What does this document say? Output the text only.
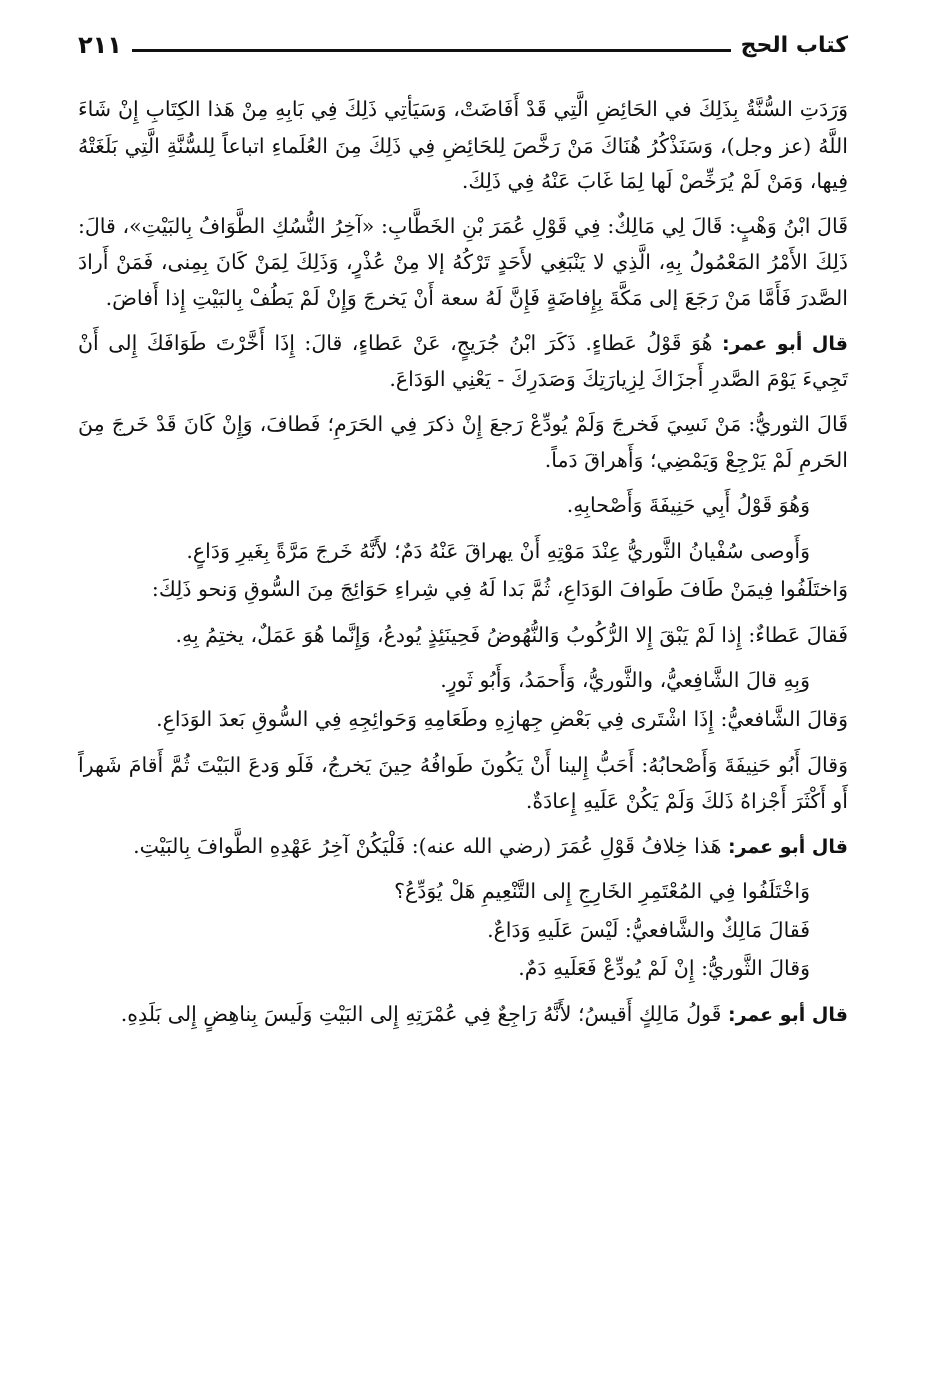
كتاب الحج
٢١١

وَرَدَتِ السُّنَّةُ بِذَلِكَ في الحَائِضِ الَّتِي قَدْ أَفَاضَتْ، وَسَيَأتِي ذَلِكَ فِي بَابِهِ مِنْ هَذا الكِتَابِ إِنْ شَاءَ اللَّهُ (عز وجل)، وَسَنَذْكُرُ هُنَاكَ مَنْ رَخَّصَ لِلحَائِضِ فِي ذَلِكَ مِنَ العُلَماءِ اتباعاً لِلسُّنَّةِ الَّتِي بَلَغَتْهُ فِيها، وَمَنْ لَمْ يُرَخِّصْ لَها لِمَا غَابَ عَنْهُ فِي ذَلِكَ.

قَالَ ابْنُ وَهْبٍ: قَالَ لِي مَالِكٌ: فِي قَوْلِ عُمَرَ بْنِ الخَطَّابِ: «آخِرُ النُّسُكِ الطَّوَافُ بِالبَيْتِ»، قالَ: ذَلِكَ الأَمْرُ المَعْمُولُ بِهِ، الَّذِي لا يَنْبَغِي لأَحَدٍ تَرْكُهُ إلا مِنْ عُذْرٍ، وَذَلِكَ لِمَنْ كَانَ بِمِنى، فَمَنْ أَرادَ الصَّدرَ فَأَمَّا مَنْ رَجَعَ إلى مَكَّةَ بِإِفاضَةٍ فَإِنَّ لَهُ سعة أَنْ يَخرجَ وَإِنْ لَمْ يَطُفْ بِالبَيْتِ إِذا أَفاضَ.

قال أبو عمر: هُوَ قَوْلُ عَطاءٍ. ذَكَرَ ابْنُ جُرَيجٍ، عَنْ عَطاءٍ، قالَ: إِذَا أَخَّرْتَ طَوَافَكَ إِلى أَنْ تَجِيءَ يَوْمَ الصَّدرِ أَجزَاكَ لِزِيارَتِكَ وَصَدَرِكَ - يَعْنِي الوَدَاعَ.

قَالَ الثوريُّ: مَنْ نَسِيَ فَخرجَ وَلَمْ يُودِّعْ رَجعَ إِنْ ذكرَ فِي الحَرَمِ؛ فَطافَ، وَإِنْ كَانَ قَدْ خَرجَ مِنَ الحَرمِ لَمْ يَرْجِعْ وَيَمْضِي؛ وَأَهراقَ دَماً.

وَهُوَ قَوْلُ أَبِي حَنِيفَةَ وَأَصْحابِهِ.

وَأَوصى سُفْيانُ الثَّوريُّ عِنْدَ مَوْتِهِ أَنْ يهراقَ عَنْهُ دَمٌ؛ لأَنَّهُ خَرجَ مَرَّةً بِغَيرِ وَدَاعٍ.

وَاختَلَفُوا فِيمَنْ طَافَ طَوافَ الوَدَاعِ، ثُمَّ بَدا لَهُ فِي شِراءِ حَوَائِجَ مِنَ السُّوقِ وَنحو ذَلِكَ:

فَقالَ عَطاءٌ: إِذا لَمْ يَبْقَ إِلا الرُّكُوبُ وَالنُّهُوضُ فَحِينَئِذٍ يُودعُ، وَإِنَّما هُوَ عَمَلٌ، يختِمُ بِهِ.

وَبِهِ قالَ الشَّافِعيُّ، والثَّوريُّ، وَأَحمَدُ، وَأَبُو ثَورٍ.

وَقالَ الشَّافعيُّ: إِذَا اشْتَرى فِي بَعْضِ جِهازِهِ وطَعَامِهِ وَحَوائِجِهِ فِي السُّوقِ بَعدَ الوَدَاعِ.

وَقالَ أَبُو حَنِيفَةَ وَأَصْحابُهُ: أَحَبُّ إِلينا أَنْ يَكُونَ طَوافُهُ حِينَ يَخرجُ، فَلَو وَدعَ البَيْتَ ثُمَّ أَقامَ شَهراً أَو أَكْثَرَ أَجْزاهُ ذَلكَ وَلَمْ يَكُنْ عَلَيهِ إِعادَةٌ.

قال أبو عمر: هَذا خِلافُ قَوْلِ عُمَرَ (رضي الله عنه): فَلْيَكُنْ آخِرُ عَهْدِهِ الطَّوافَ بِالبَيْتِ.

وَاخْتَلَفُوا فِي المُعْتَمِرِ الخَارِجِ إِلى التَّنْعِيمِ هَلْ يُوَدِّعُ؟

فَقالَ مَالِكٌ والشَّافعيُّ: لَيْسَ عَلَيهِ وَدَاعٌ.

وَقالَ الثَّوريُّ: إِنْ لَمْ يُودِّعْ فَعَلَيهِ دَمٌ.

قال أبو عمر: قَولُ مَالِكٍ أَقيسُ؛ لأَنَّهُ رَاجِعٌ فِي عُمْرَتِهِ إِلى البَيْتِ وَلَيسَ بِناهِضٍ إِلى بَلَدِهِ.
